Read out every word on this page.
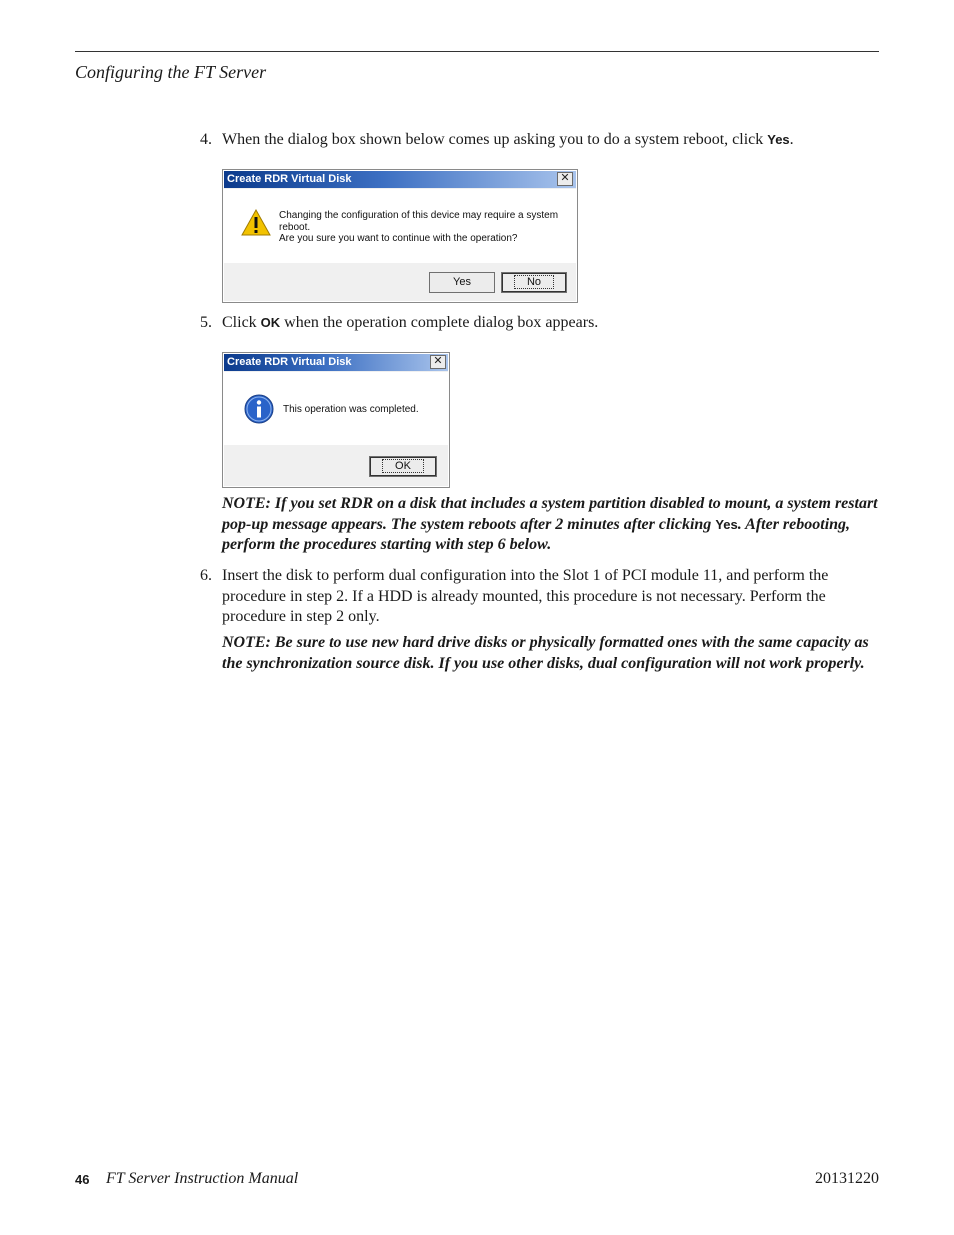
Configuring the FT Server
4. When the dialog box shown below comes up asking you to do a system reboot, click Yes.
Create RDR Virtual Disk	✕
Changing the configuration of this device may require a system reboot.
Are you sure you want to continue with the operation?
Yes	No
5. Click OK when the operation complete dialog box appears.
Create RDR Virtual Disk	✕
This operation was completed.
OK
NOTE: If you set RDR on a disk that includes a system partition disabled to mount, a system restart pop-up message appears. The system reboots after 2 minutes after clicking Yes. After rebooting, perform the procedures starting with step 6 below.
6. Insert the disk to perform dual configuration into the Slot 1 of PCI module 11, and perform the procedure in step 2. If a HDD is already mounted, this procedure is not necessary. Perform the procedure in step 2 only.
NOTE: Be sure to use new hard drive disks or physically formatted ones with the same capacity as the synchronization source disk. If you use other disks, dual configuration will not work properly.
46 FT Server Instruction Manual	20131220
